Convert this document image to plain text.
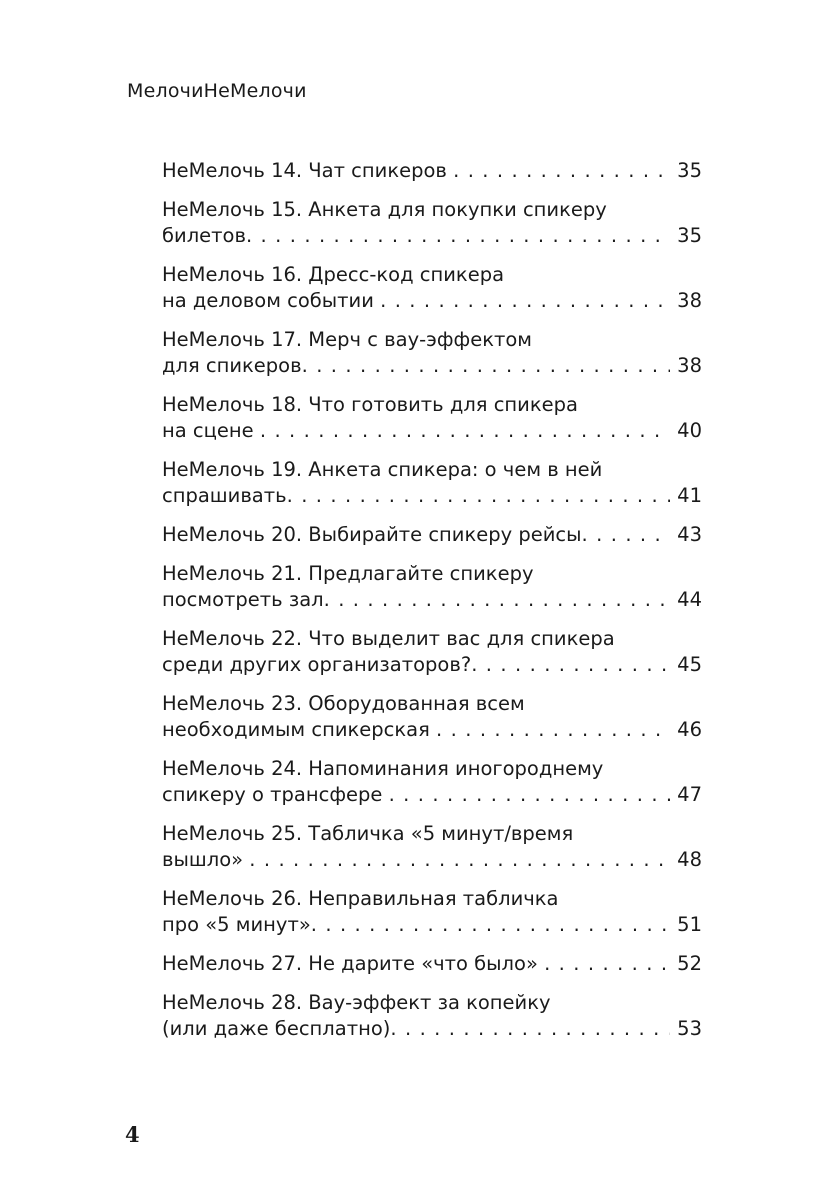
МелочиНеМелочи
НеМелочь 14. Чат спикеров . . .	35
НеМелочь 15. Анкета для покупки спикеру
билетов . . .	35
НеМелочь 16. Дресс-код спикера
на деловом событии . . .	38
НеМелочь 17. Мерч с вау-эффектом
для спикеров . . .	38
НеМелочь 18. Что готовить для спикера
на сцене . . .	40
НеМелочь 19. Анкета спикера: о чем в ней
спрашивать . . .	41
НеМелочь 20. Выбирайте спикеру рейсы . . .	43
НеМелочь 21. Предлагайте спикеру
посмотреть зал . . .	44
НеМелочь 22. Что выделит вас для спикера
среди других организаторов? . . .	45
НеМелочь 23. Оборудованная всем
необходимым спикерская . . .	46
НеМелочь 24. Напоминания иногороднему
спикеру о трансфере . . .	47
НеМелочь 25. Табличка «5 минут/время
вышло» . . .	48
НеМелочь 26. Неправильная табличка
про «5 минут» . . .	51
НеМелочь 27. Не дарите «что было» . . .	52
НеМелочь 28. Вау-эффект за копейку
(или даже бесплатно) . . .	53
4
